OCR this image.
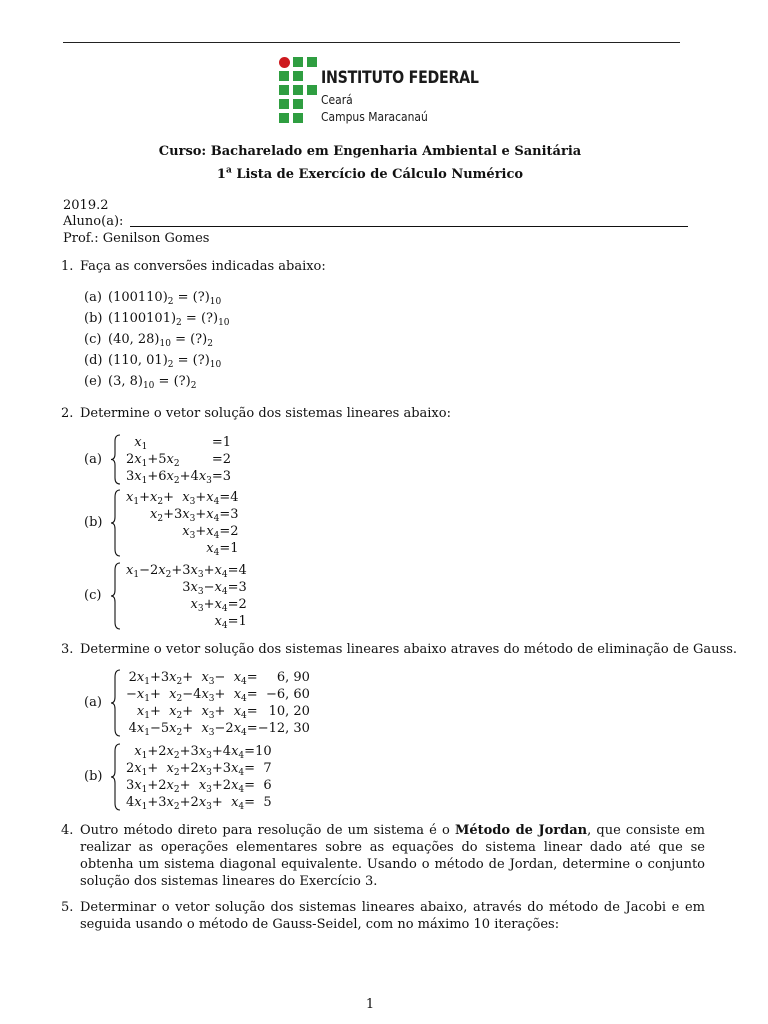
INSTITUTO FEDERAL
Ceará
Campus Maracanaú
Curso: Bacharelado em Engenharia Ambiental e Sanitária
1$^a$ Lista de Exercício de Cálculo Numérico
2019.2
Aluno(a):
Prof.: Genilson Gomes
1. Faça as conversões indicadas abaixo:
(a) $(100110)_2$ = $(?)_{10}$
(b) $(1100101)_2$ = $(?)_{10}$
(c) (40, $28)_{10}$ = $(?)_2$
(d) (110, $01)_2$ = $(?)_{10}$
(e) (3, $8)_{10}$ = $(?)_2$
2. Determine o vetor solução dos sistemas lineares abaixo:
(a)
$x_1$					=	1
$2x_1$	+	$5x_2$			=	2
$3x_1$	+	$6x_2$	+	$4x_3$	=	3
(b)
$x_1$	+	$x_2$	+	$x_3$	+	$x_4$	=	4
		$x_2$	+	$3x_3$	+	$x_4$	=	3
				$x_3$	+	$x_4$	=	2
						$x_4$	=	1
(c)
$x_1$	−	$2x_2$	+	$3x_3$	+	$x_4$	=	4
				$3x_3$	−	$x_4$	=	3
				$x_3$	+	$x_4$	=	2
						$x_4$	=	1
3. Determine o vetor solução dos sistemas lineares abaixo atraves do método de eliminação de Gauss.
(a)
$2x_1$	+	$3x_2$	+	$x_3$	−	$x_4$	=	6, 90
$-x_1$	+	$x_2$	−	$4x_3$	+	$x_4$	=	−6, 60
$x_1$	+	$x_2$	+	$x_3$	+	$x_4$	=	10, 20
$4x_1$	−	$5x_2$	+	$x_3$	−	$2x_4$	=	−12, 30
(b)
$x_1$	+	$2x_2$	+	$3x_3$	+	$4x_4$	=	10
$2x_1$	+	$x_2$	+	$2x_3$	+	$3x_4$	=	7
$3x_1$	+	$2x_2$	+	$x_3$	+	$2x_4$	=	6
$4x_1$	+	$3x_2$	+	$2x_3$	+	$x_4$	=	5
4. Outro método direto para resolução de um sistema é o Método de Jordan, que consiste em realizar as operações elementares sobre as equações do sistema linear dado até que se obtenha um sistema diagonal equivalente. Usando o método de Jordan, determine o conjunto solução dos sistemas lineares do Exercício 3.
5. Determinar o vetor solução dos sistemas lineares abaixo, através do método de Jacobi e em seguida usando o método de Gauss-Seidel, com no máximo 10 iterações:
1
